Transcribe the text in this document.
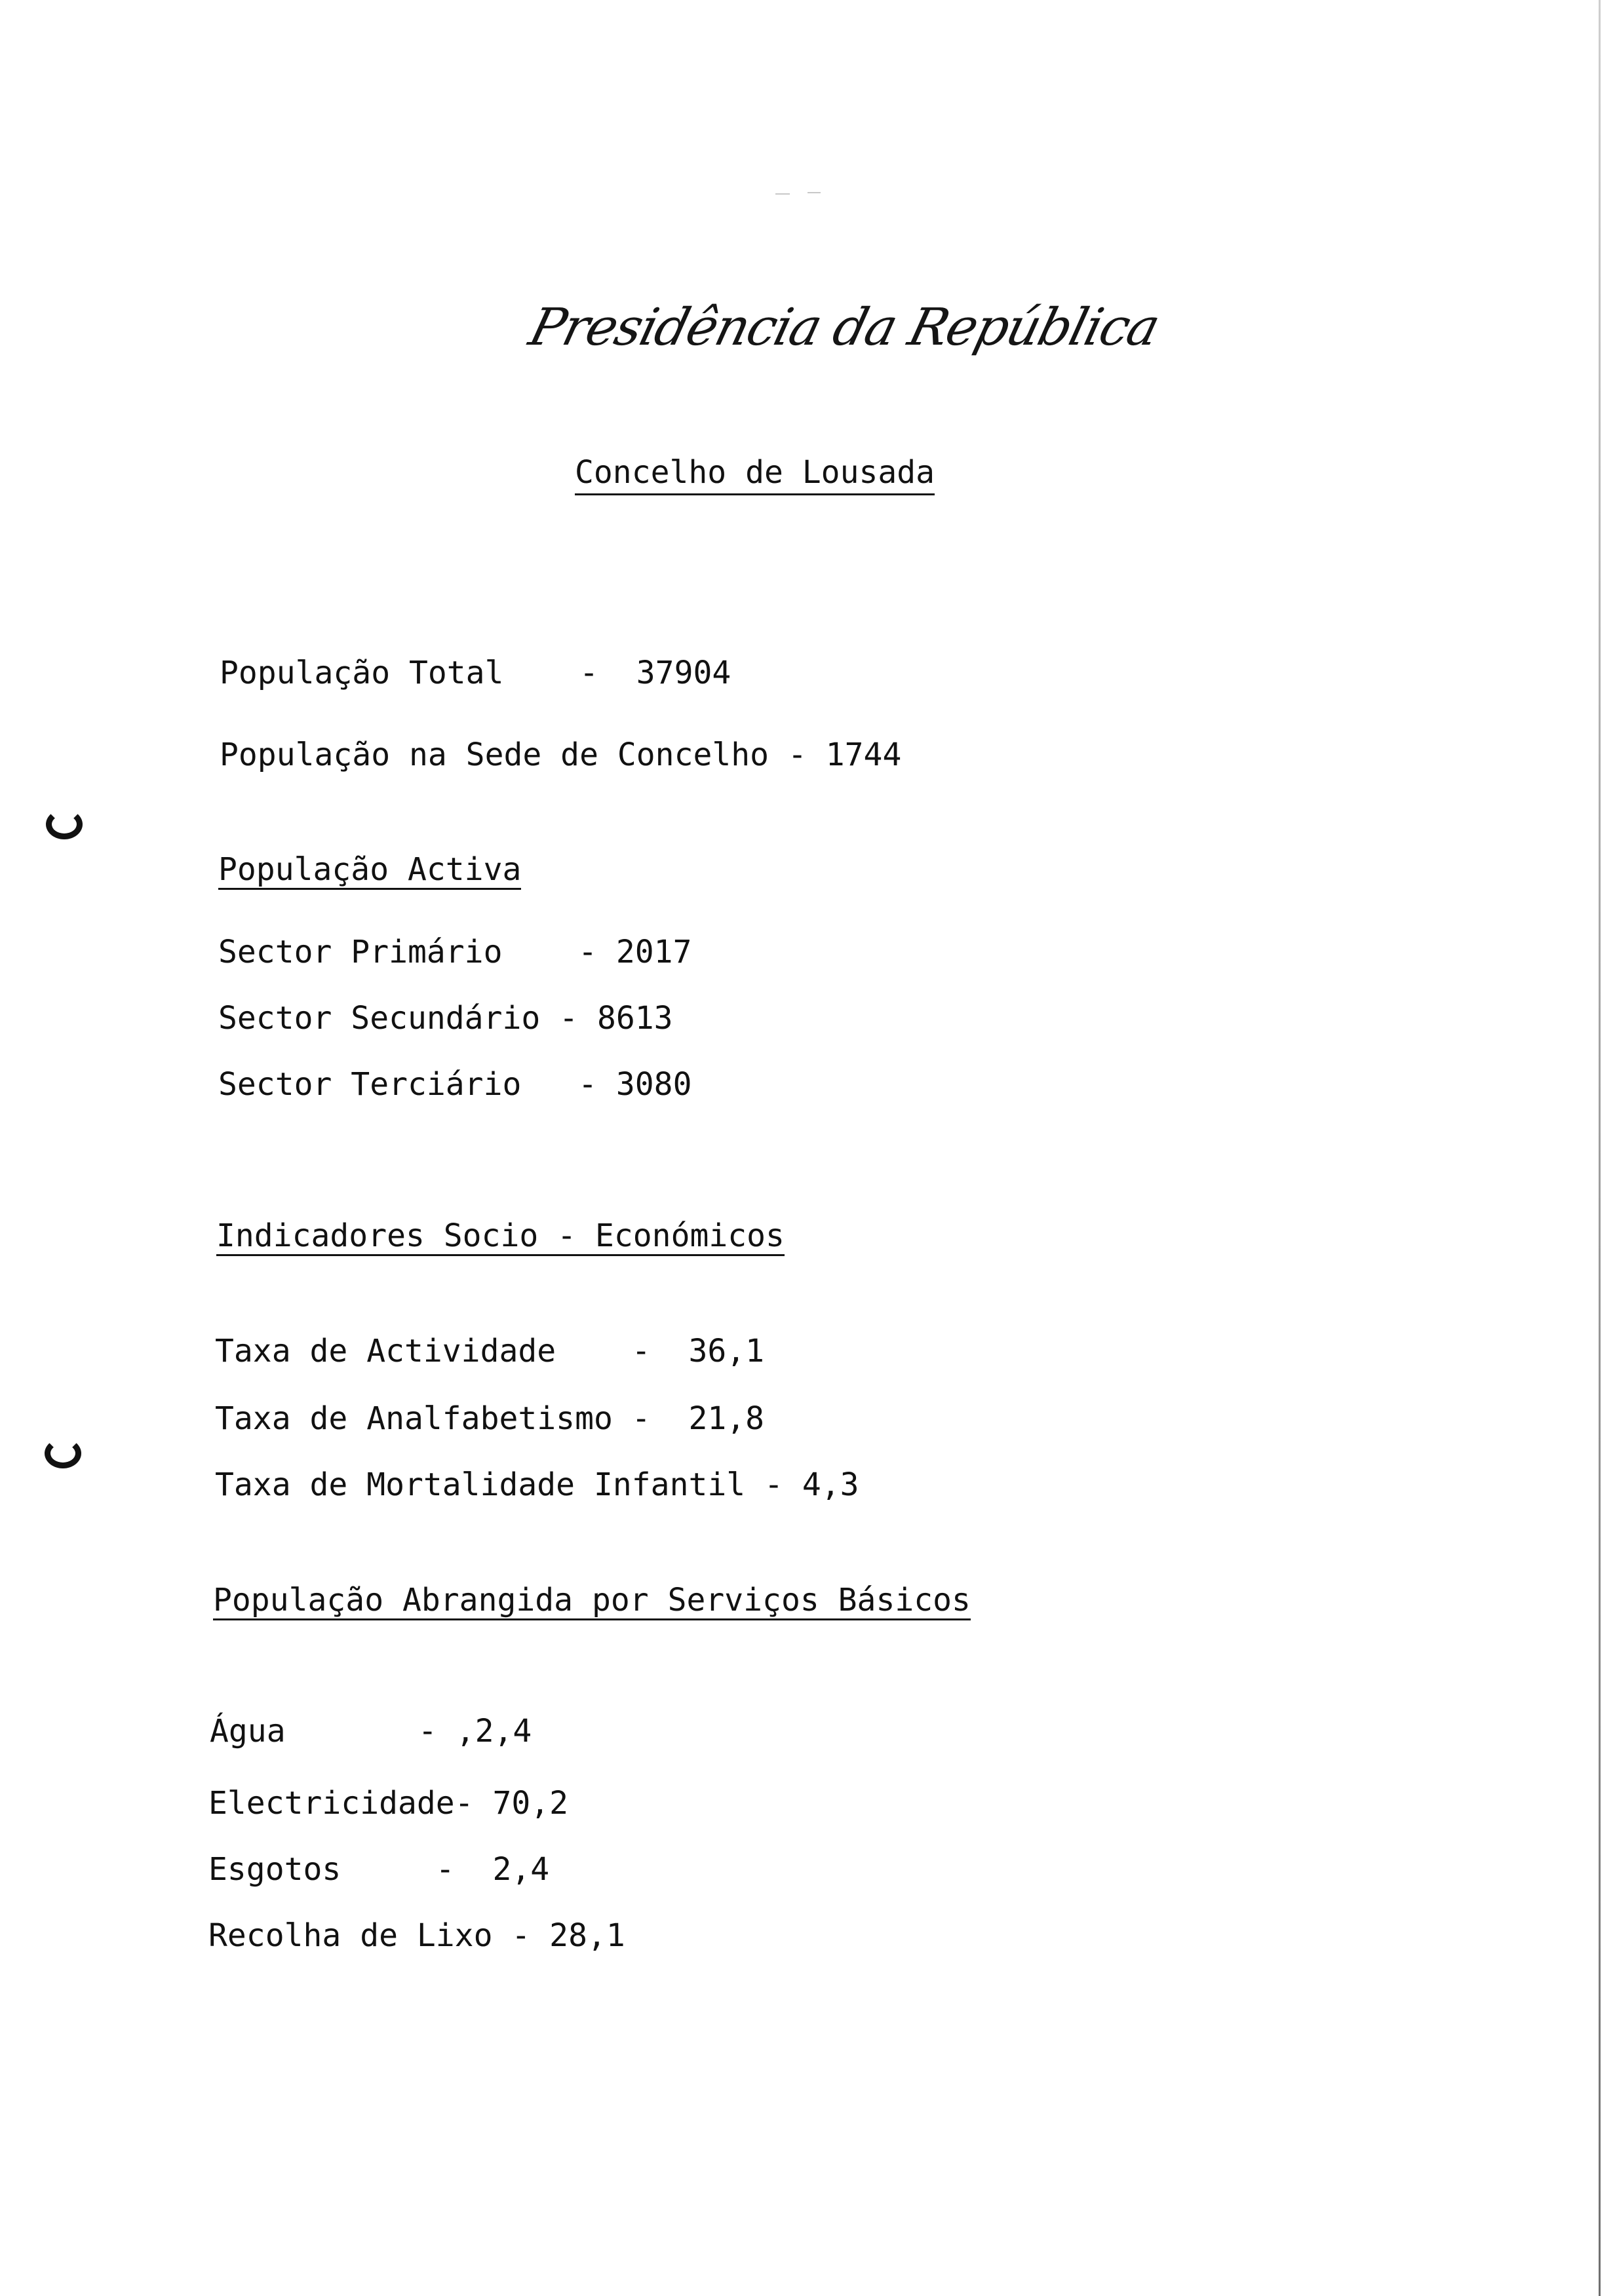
Presidência da República
Concelho de Lousada
População Total    -  37904
População na Sede de Concelho - 1744
População Activa
Sector Primário    - 2017
Sector Secundário - 8613
Sector Terciário   - 3080
Indicadores Socio - Económicos
Taxa de Actividade    -  36,1
Taxa de Analfabetismo -  21,8
Taxa de Mortalidade Infantil - 4,3
População Abrangida por Serviços Básicos
Água       - ,2,4
Electricidade- 70,2
Esgotos     -  2,4
Recolha de Lixo - 28,1
